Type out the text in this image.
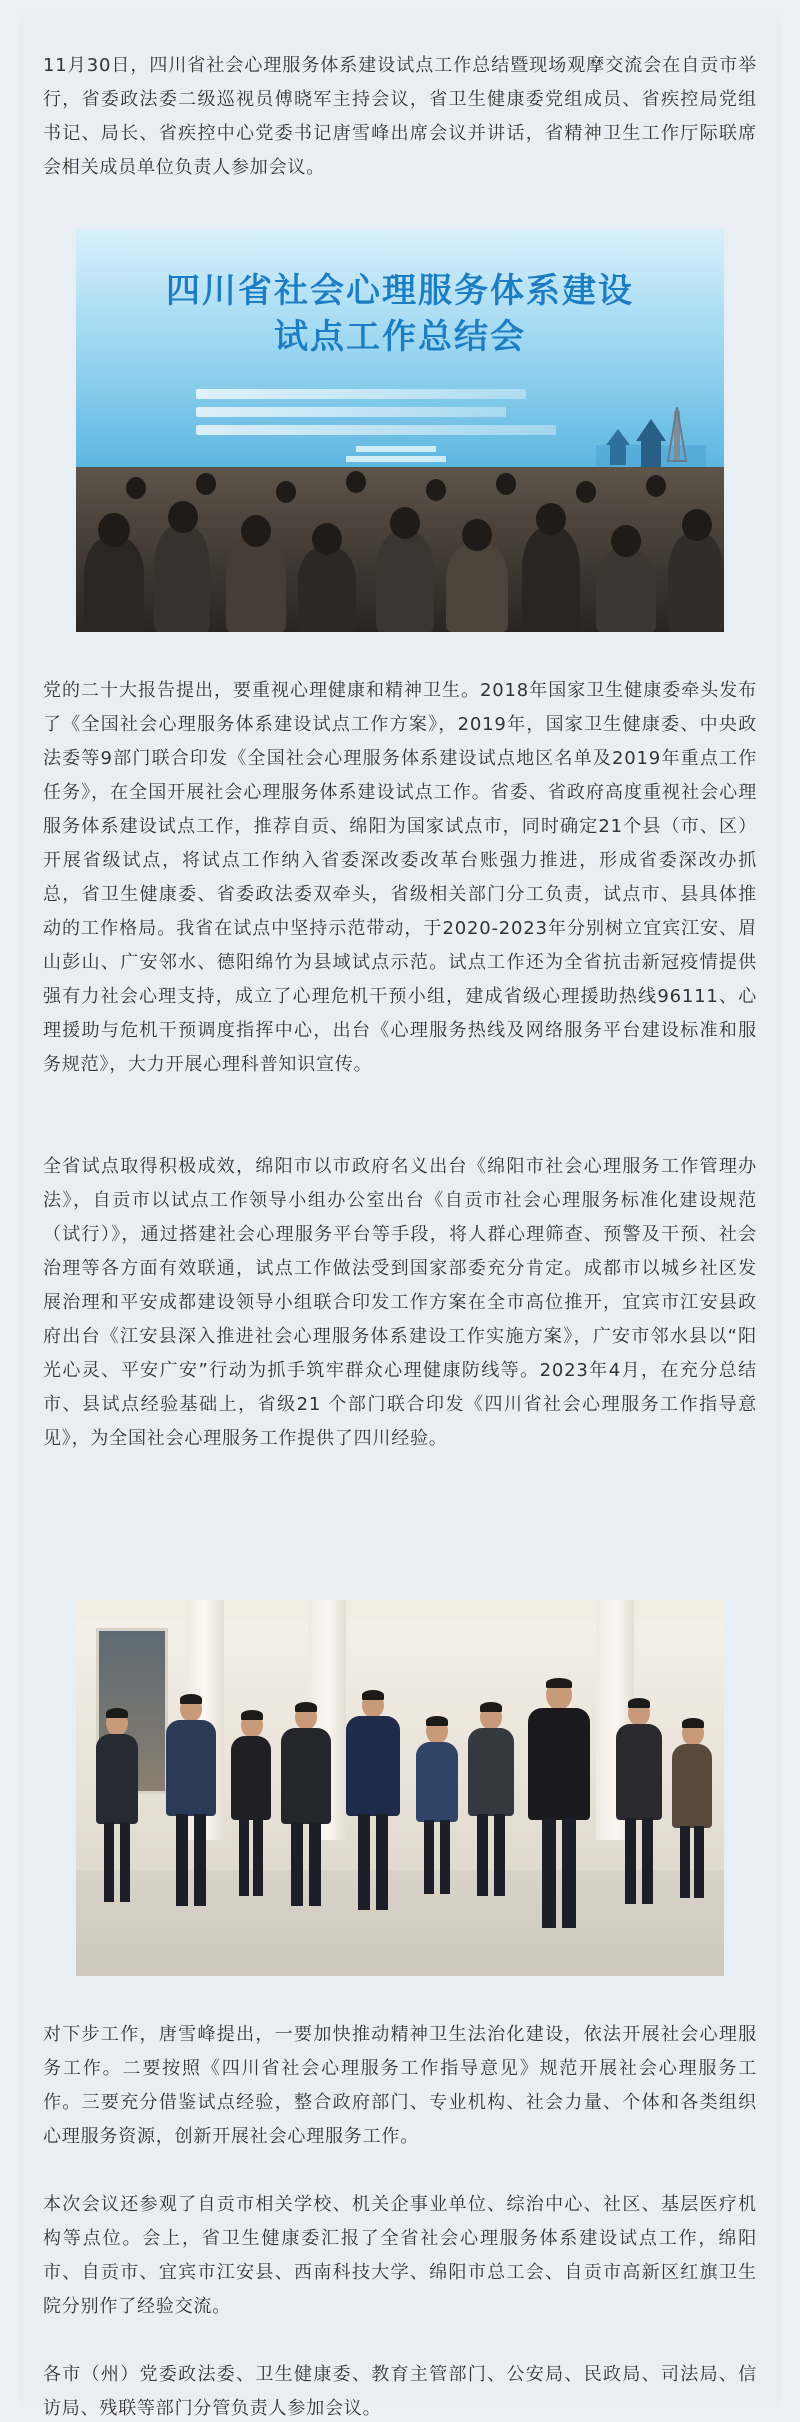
11月30日，四川省社会心理服务体系建设试点工作总结暨现场观摩交流会在自贡市举行，省委政法委二级巡视员傅晓军主持会议，省卫生健康委党组成员、省疾控局党组书记、局长、省疾控中心党委书记唐雪峰出席会议并讲话，省精神卫生工作厅际联席会相关成员单位负责人参加会议。

四川省社会心理服务体系建设
试点工作总结会

党的二十大报告提出，要重视心理健康和精神卫生。2018年国家卫生健康委牵头发布了《全国社会心理服务体系建设试点工作方案》，2019年，国家卫生健康委、中央政法委等9部门联合印发《全国社会心理服务体系建设试点地区名单及2019年重点工作任务》，在全国开展社会心理服务体系建设试点工作。省委、省政府高度重视社会心理服务体系建设试点工作，推荐自贡、绵阳为国家试点市，同时确定21个县（市、区）开展省级试点，将试点工作纳入省委深改委改革台账强力推进，形成省委深改办抓总，省卫生健康委、省委政法委双牵头，省级相关部门分工负责，试点市、县具体推动的工作格局。我省在试点中坚持示范带动，于2020-2023年分别树立宜宾江安、眉山彭山、广安邻水、德阳绵竹为县域试点示范。试点工作还为全省抗击新冠疫情提供强有力社会心理支持，成立了心理危机干预小组，建成省级心理援助热线96111、心理援助与危机干预调度指挥中心，出台《心理服务热线及网络服务平台建设标准和服务规范》，大力开展心理科普知识宣传。

全省试点取得积极成效，绵阳市以市政府名义出台《绵阳市社会心理服务工作管理办法》，自贡市以试点工作领导小组办公室出台《自贡市社会心理服务标准化建设规范（试行）》，通过搭建社会心理服务平台等手段，将人群心理筛查、预警及干预、社会治理等各方面有效联通，试点工作做法受到国家部委充分肯定。成都市以城乡社区发展治理和平安成都建设领导小组联合印发工作方案在全市高位推开，宜宾市江安县政府出台《江安县深入推进社会心理服务体系建设工作实施方案》，广安市邻水县以“阳光心灵、平安广安”行动为抓手筑牢群众心理健康防线等。2023年4月，在充分总结市、县试点经验基础上，省级21 个部门联合印发《四川省社会心理服务工作指导意见》，为全国社会心理服务工作提供了四川经验。

对下步工作，唐雪峰提出，一要加快推动精神卫生法治化建设，依法开展社会心理服务工作。二要按照《四川省社会心理服务工作指导意见》规范开展社会心理服务工作。三要充分借鉴试点经验，整合政府部门、专业机构、社会力量、个体和各类组织心理服务资源，创新开展社会心理服务工作。

本次会议还参观了自贡市相关学校、机关企事业单位、综治中心、社区、基层医疗机构等点位。会上，省卫生健康委汇报了全省社会心理服务体系建设试点工作，绵阳市、自贡市、宜宾市江安县、西南科技大学、绵阳市总工会、自贡市高新区红旗卫生院分别作了经验交流。

各市（州）党委政法委、卫生健康委、教育主管部门、公安局、民政局、司法局、信访局、残联等部门分管负责人参加会议。
